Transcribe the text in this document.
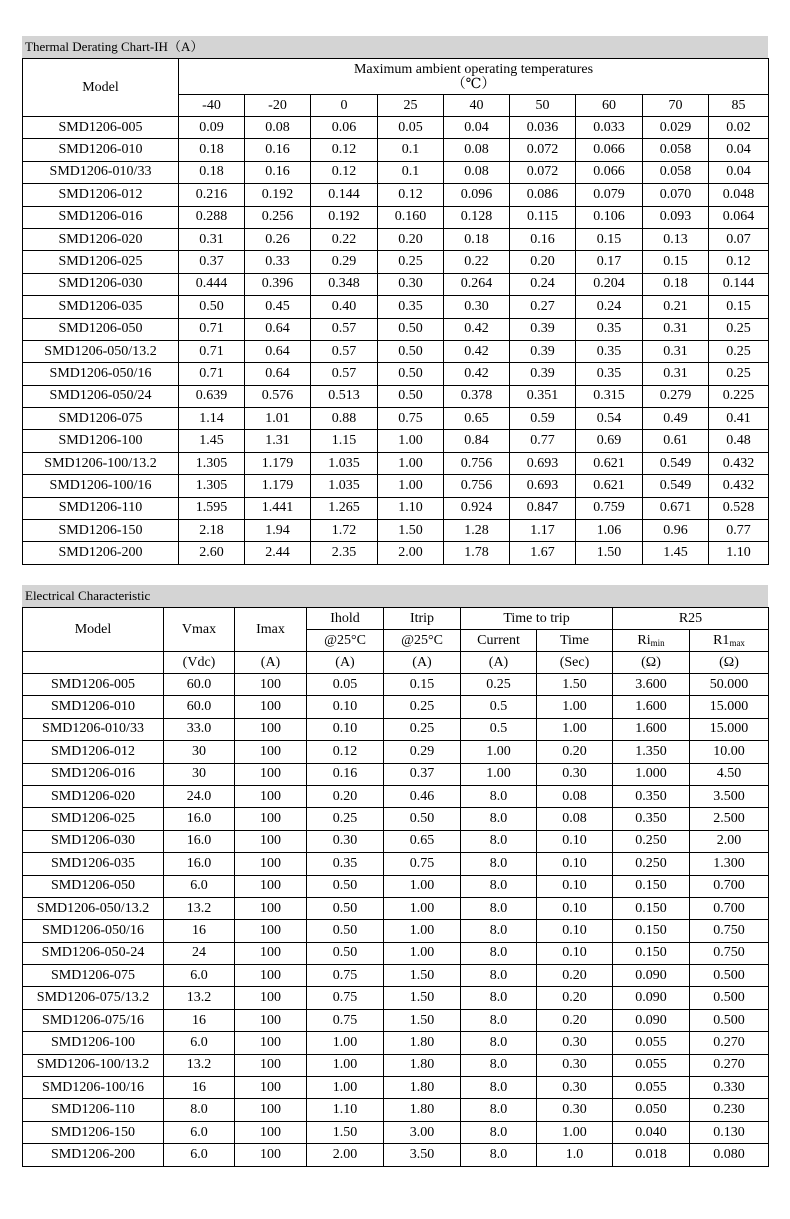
Thermal Derating Chart-IH（A）
Model	Maximum ambient operating temperatures
（℃）								

	-40	-20	0	25	40	50	60	70	85
SMD1206-005	0.09	0.08	0.06	0.05	0.04	0.036	0.033	0.029	0.02
SMD1206-010	0.18	0.16	0.12	0.1	0.08	0.072	0.066	0.058	0.04
SMD1206-010/33	0.18	0.16	0.12	0.1	0.08	0.072	0.066	0.058	0.04
SMD1206-012	0.216	0.192	0.144	0.12	0.096	0.086	0.079	0.070	0.048
SMD1206-016	0.288	0.256	0.192	0.160	0.128	0.115	0.106	0.093	0.064
SMD1206-020	0.31	0.26	0.22	0.20	0.18	0.16	0.15	0.13	0.07
SMD1206-025	0.37	0.33	0.29	0.25	0.22	0.20	0.17	0.15	0.12
SMD1206-030	0.444	0.396	0.348	0.30	0.264	0.24	0.204	0.18	0.144
SMD1206-035	0.50	0.45	0.40	0.35	0.30	0.27	0.24	0.21	0.15
SMD1206-050	0.71	0.64	0.57	0.50	0.42	0.39	0.35	0.31	0.25
SMD1206-050/13.2	0.71	0.64	0.57	0.50	0.42	0.39	0.35	0.31	0.25
SMD1206-050/16	0.71	0.64	0.57	0.50	0.42	0.39	0.35	0.31	0.25
SMD1206-050/24	0.639	0.576	0.513	0.50	0.378	0.351	0.315	0.279	0.225
SMD1206-075	1.14	1.01	0.88	0.75	0.65	0.59	0.54	0.49	0.41
SMD1206-100	1.45	1.31	1.15	1.00	0.84	0.77	0.69	0.61	0.48
SMD1206-100/13.2	1.305	1.179	1.035	1.00	0.756	0.693	0.621	0.549	0.432
SMD1206-100/16	1.305	1.179	1.035	1.00	0.756	0.693	0.621	0.549	0.432
SMD1206-110	1.595	1.441	1.265	1.10	0.924	0.847	0.759	0.671	0.528
SMD1206-150	2.18	1.94	1.72	1.50	1.28	1.17	1.06	0.96	0.77
SMD1206-200	2.60	2.44	2.35	2.00	1.78	1.67	1.50	1.45	1.10
Electrical Characteristic
Model	Vmax	Imax	Ihold	Itrip	Time to trip		R25	
			@25°C	@25°C	Current	Time	$Ri_{min}$	$R1_{max}$
	(Vdc)	(A)	(A)	(A)	(A)	(Sec)	(Ω)	(Ω)
SMD1206-005	60.0	100	0.05	0.15	0.25	1.50	3.600	50.000
SMD1206-010	60.0	100	0.10	0.25	0.5	1.00	1.600	15.000
SMD1206-010/33	33.0	100	0.10	0.25	0.5	1.00	1.600	15.000
SMD1206-012	30	100	0.12	0.29	1.00	0.20	1.350	10.00
SMD1206-016	30	100	0.16	0.37	1.00	0.30	1.000	4.50
SMD1206-020	24.0	100	0.20	0.46	8.0	0.08	0.350	3.500
SMD1206-025	16.0	100	0.25	0.50	8.0	0.08	0.350	2.500
SMD1206-030	16.0	100	0.30	0.65	8.0	0.10	0.250	2.00
SMD1206-035	16.0	100	0.35	0.75	8.0	0.10	0.250	1.300
SMD1206-050	6.0	100	0.50	1.00	8.0	0.10	0.150	0.700
SMD1206-050/13.2	13.2	100	0.50	1.00	8.0	0.10	0.150	0.700
SMD1206-050/16	16	100	0.50	1.00	8.0	0.10	0.150	0.750
SMD1206-050-24	24	100	0.50	1.00	8.0	0.10	0.150	0.750
SMD1206-075	6.0	100	0.75	1.50	8.0	0.20	0.090	0.500
SMD1206-075/13.2	13.2	100	0.75	1.50	8.0	0.20	0.090	0.500
SMD1206-075/16	16	100	0.75	1.50	8.0	0.20	0.090	0.500
SMD1206-100	6.0	100	1.00	1.80	8.0	0.30	0.055	0.270
SMD1206-100/13.2	13.2	100	1.00	1.80	8.0	0.30	0.055	0.270
SMD1206-100/16	16	100	1.00	1.80	8.0	0.30	0.055	0.330
SMD1206-110	8.0	100	1.10	1.80	8.0	0.30	0.050	0.230
SMD1206-150	6.0	100	1.50	3.00	8.0	1.00	0.040	0.130
SMD1206-200	6.0	100	2.00	3.50	8.0	1.0	0.018	0.080
